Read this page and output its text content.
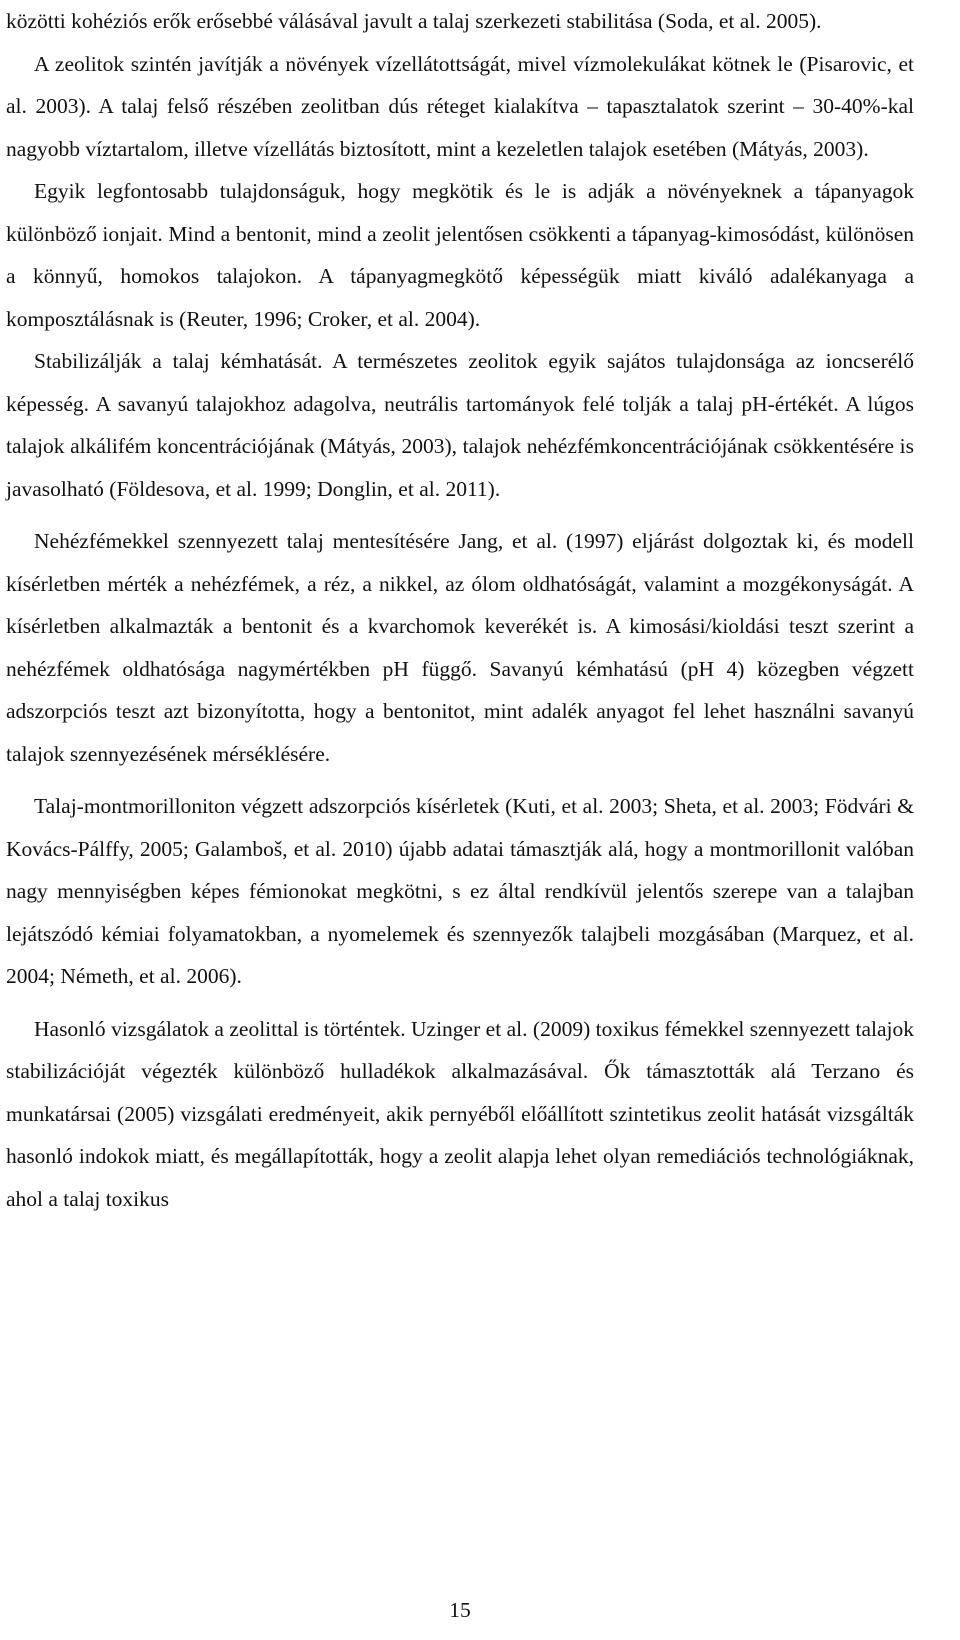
közötti kohéziós erők erősebbé válásával javult a talaj szerkezeti stabilitása (Soda, et al. 2005).

A zeolitok szintén javítják a növények vízellátottságát, mivel vízmolekulákat kötnek le (Pisarovic, et al. 2003). A talaj felső részében zeolitban dús réteget kialakítva – tapasztalatok szerint – 30-40%-kal nagyobb víztartalom, illetve vízellátás biztosított, mint a kezeletlen talajok esetében (Mátyás, 2003).

Egyik legfontosabb tulajdonságuk, hogy megkötik és le is adják a növényeknek a tápanyagok különböző ionjait. Mind a bentonit, mind a zeolit jelentősen csökkenti a tápanyag-kimosódást, különösen a könnyű, homokos talajokon. A tápanyagmegkötő képességük miatt kiváló adalékanyaga a komposztálásnak is (Reuter, 1996; Croker, et al. 2004).

Stabilizálják a talaj kémhatását. A természetes zeolitok egyik sajátos tulajdonsága az ioncserélő képesség. A savanyú talajokhoz adagolva, neutrális tartományok felé tolják a talaj pH-értékét. A lúgos talajok alkálifém koncentrációjának (Mátyás, 2003), talajok nehézfémkoncentrációjának csökkentésére is javasolható (Földesova, et al. 1999; Donglin, et al. 2011).

Nehézfémekkel szennyezett talaj mentesítésére Jang, et al. (1997) eljárást dolgoztak ki, és modell kísérletben mérték a nehézfémek, a réz, a nikkel, az ólom oldhatóságát, valamint a mozgékonyságát. A kísérletben alkalmazták a bentonit és a kvarchomok keverékét is. A kimosási/kioldási teszt szerint a nehézfémek oldhatósága nagymértékben pH függő. Savanyú kémhatású (pH 4) közegben végzett adszorpciós teszt azt bizonyította, hogy a bentonitot, mint adalék anyagot fel lehet használni savanyú talajok szennyezésének mérséklésére.

Talaj-montmorilloniton végzett adszorpciós kísérletek (Kuti, et al. 2003; Sheta, et al. 2003; Födvári & Kovács-Pálffy, 2005; Galamboš, et al. 2010) újabb adatai támasztják alá, hogy a montmorillonit valóban nagy mennyiségben képes fémionokat megkötni, s ez által rendkívül jelentős szerepe van a talajban lejátszódó kémiai folyamatokban, a nyomelemek és szennyezők talajbeli mozgásában (Marquez, et al. 2004; Németh, et al. 2006).

Hasonló vizsgálatok a zeolittal is történtek. Uzinger et al. (2009) toxikus fémekkel szennyezett talajok stabilizációját végezték különböző hulladékok alkalmazásával. Ők támasztották alá Terzano és munkatársai (2005) vizsgálati eredményeit, akik pernyéből előállított szintetikus zeolit hatását vizsgálták hasonló indokok miatt, és megállapították, hogy a zeolit alapja lehet olyan remediációs technológiáknak, ahol a talaj toxikus

15
